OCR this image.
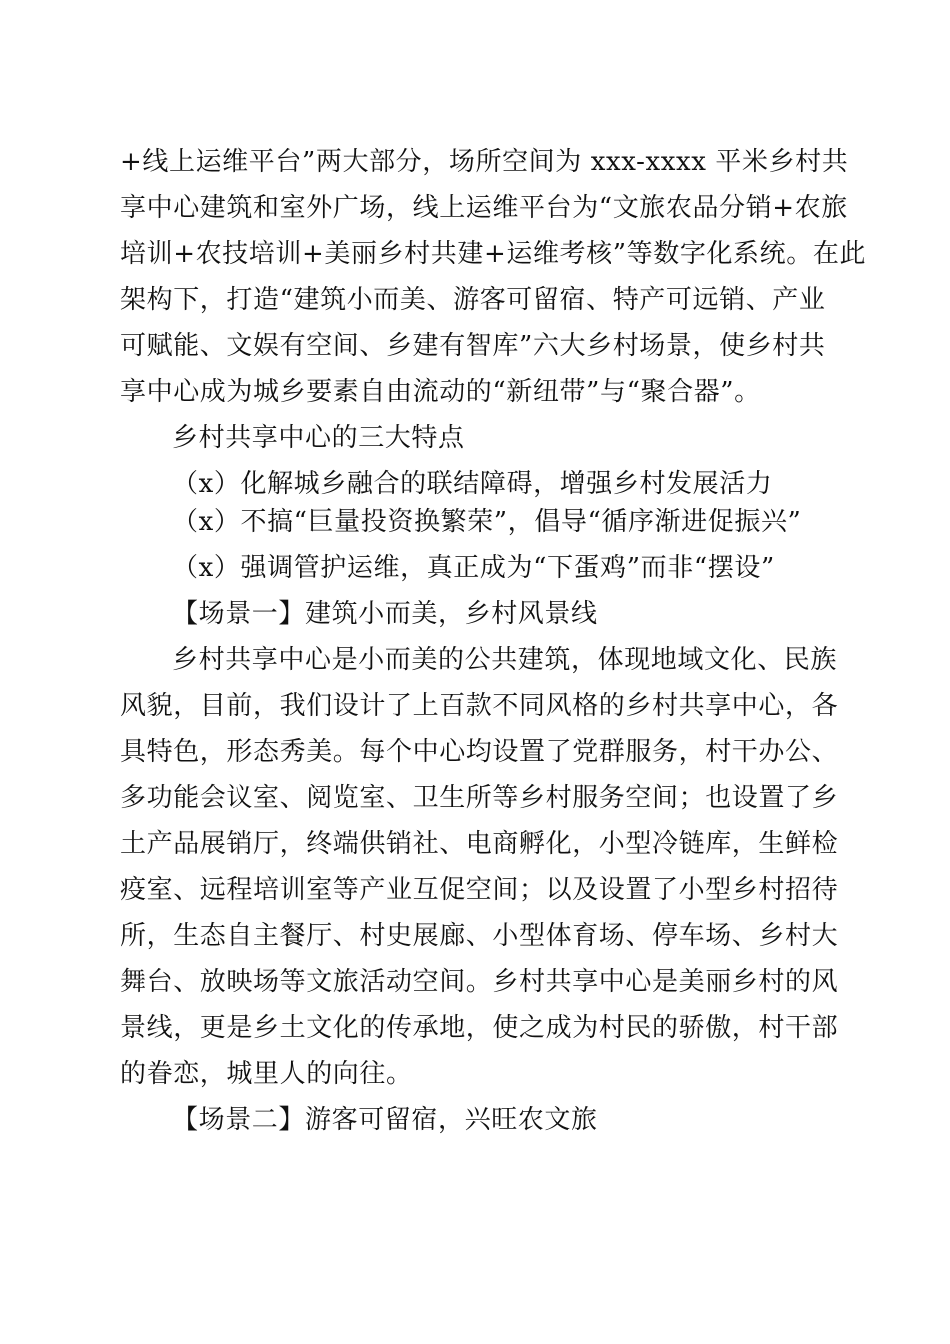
+线上运维平台”两大部分，场所空间为 xxx-xxxx 平米乡村共
享中心建筑和室外广场，线上运维平台为“文旅农品分销+农旅
培训+农技培训+美丽乡村共建+运维考核”等数字化系统。在此
架构下，打造“建筑小而美、游客可留宿、特产可远销、产业
可赋能、文娱有空间、乡建有智库”六大乡村场景，使乡村共
享中心成为城乡要素自由流动的“新纽带”与“聚合器”。
乡村共享中心的三大特点
（x）化解城乡融合的联结障碍，增强乡村发展活力
（x）不搞“巨量投资换繁荣”，倡导“循序渐进促振兴”
（x）强调管护运维，真正成为“下蛋鸡”而非“摆设”
【场景一】建筑小而美，乡村风景线
乡村共享中心是小而美的公共建筑，体现地域文化、民族
风貌，目前，我们设计了上百款不同风格的乡村共享中心，各
具特色，形态秀美。每个中心均设置了党群服务，村干办公、
多功能会议室、阅览室、卫生所等乡村服务空间；也设置了乡
土产品展销厅，终端供销社、电商孵化，小型冷链库，生鲜检
疫室、远程培训室等产业互促空间；以及设置了小型乡村招待
所，生态自主餐厅、村史展廊、小型体育场、停车场、乡村大
舞台、放映场等文旅活动空间。乡村共享中心是美丽乡村的风
景线，更是乡土文化的传承地，使之成为村民的骄傲，村干部
的眷恋，城里人的向往。
【场景二】游客可留宿，兴旺农文旅
